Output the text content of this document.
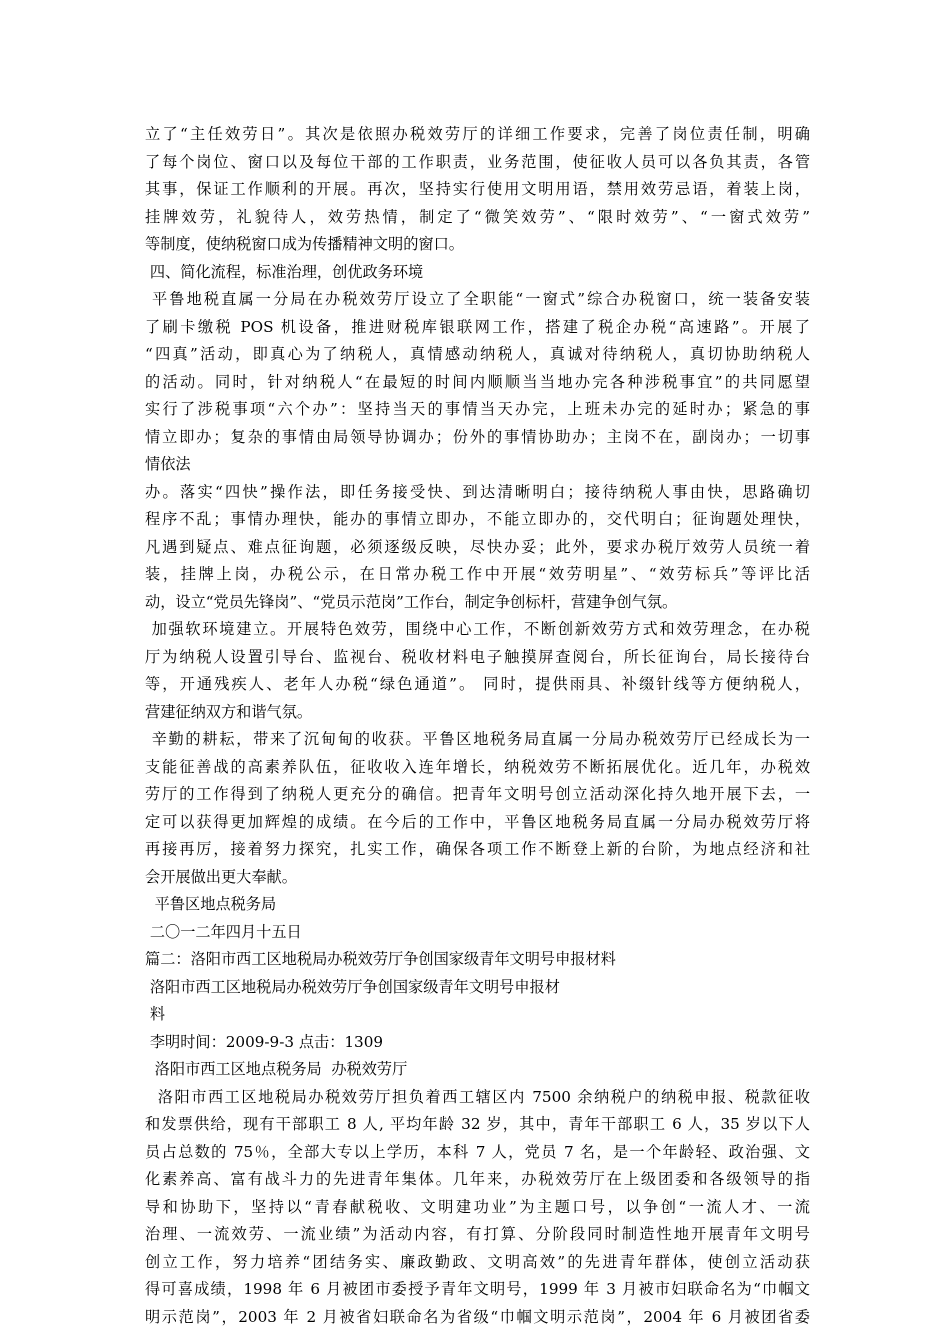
立了“主任效劳日”。其次是依照办税效劳厅的详细工作要求，完善了岗位责任制，明确
了每个岗位、窗口以及每位干部的工作职责，业务范围，使征收人员可以各负其责，各管
其事，保证工作顺利的开展。再次，坚持实行使用文明用语，禁用效劳忌语，着装上岗，
挂牌效劳，礼貌待人，效劳热情，制定了“微笑效劳”、“限时效劳”、“一窗式效劳”
等制度，使纳税窗口成为传播精神文明的窗口。
四、简化流程，标准治理，创优政务环境
平鲁地税直属一分局在办税效劳厅设立了全职能“一窗式”综合办税窗口，统一装备安装
了刷卡缴税 POS 机设备，推进财税库银联网工作，搭建了税企办税“高速路”。开展了
“四真”活动，即真心为了纳税人，真情感动纳税人，真诚对待纳税人，真切协助纳税人
的活动。同时，针对纳税人“在最短的时间内顺顺当当地办完各种涉税事宜”的共同愿望
实行了涉税事项“六个办”：坚持当天的事情当天办完，上班未办完的延时办；紧急的事
情立即办；复杂的事情由局领导协调办；份外的事情协助办；主岗不在，副岗办；一切事
情依法
办。落实“四快”操作法，即任务接受快、到达清晰明白；接待纳税人事由快，思路确切
程序不乱；事情办理快，能办的事情立即办，不能立即办的，交代明白；征询题处理快，
凡遇到疑点、难点征询题，必须逐级反映，尽快办妥；此外，要求办税厅效劳人员统一着
装，挂牌上岗，办税公示，在日常办税工作中开展“效劳明星”、“效劳标兵”等评比活
动，设立“党员先锋岗”、“党员示范岗”工作台，制定争创标杆，营建争创气氛。
加强软环境建立。开展特色效劳，围绕中心工作，不断创新效劳方式和效劳理念，在办税
厅为纳税人设置引导台、监视台、税收材料电子触摸屏查阅台，所长征询台，局长接待台
等，开通残疾人、老年人办税“绿色通道”。 同时，提供雨具、补缀针线等方便纳税人，
营建征纳双方和谐气氛。
辛勤的耕耘，带来了沉甸甸的收获。平鲁区地税务局直属一分局办税效劳厅已经成长为一
支能征善战的高素养队伍，征收收入连年增长，纳税效劳不断拓展优化。近几年，办税效
劳厅的工作得到了纳税人更充分的确信。把青年文明号创立活动深化持久地开展下去，一
定可以获得更加辉煌的成绩。在今后的工作中，平鲁区地税务局直属一分局办税效劳厅将
再接再厉，接着努力探究，扎实工作，确保各项工作不断登上新的台阶，为地点经济和社
会开展做出更大奉献。
平鲁区地点税务局
二〇一二年四月十五日
篇二：洛阳市西工区地税局办税效劳厅争创国家级青年文明号申报材料
洛阳市西工区地税局办税效劳厅争创国家级青年文明号申报材
料
李明时间：2009-9-3 点击：1309
洛阳市西工区地点税务局  办税效劳厅
洛阳市西工区地税局办税效劳厅担负着西工辖区内 7500 余纳税户的纳税申报、税款征收
和发票供给，现有干部职工 8 人, 平均年龄 32 岁，其中，青年干部职工 6 人，35 岁以下人
员占总数的 75％，全部大专以上学历，本科 7 人，党员 7 名，是一个年龄轻、政治强、文
化素养高、富有战斗力的先进青年集体。几年来，办税效劳厅在上级团委和各级领导的指
导和协助下，坚持以“青春献税收、文明建功业”为主题口号，以争创“一流人才、一流
治理、一流效劳、一流业绩”为活动内容，有打算、分阶段同时制造性地开展青年文明号
创立工作，努力培养“团结务实、廉政勤政、文明高效”的先进青年群体，使创立活动获
得可喜成绩，1998 年 6 月被团市委授予青年文明号，1999 年 3 月被市妇联命名为“巾帼文
明示范岗”，2003 年 2 月被省妇联命名为省级“巾帼文明示范岗”，2004 年 6 月被团省委
